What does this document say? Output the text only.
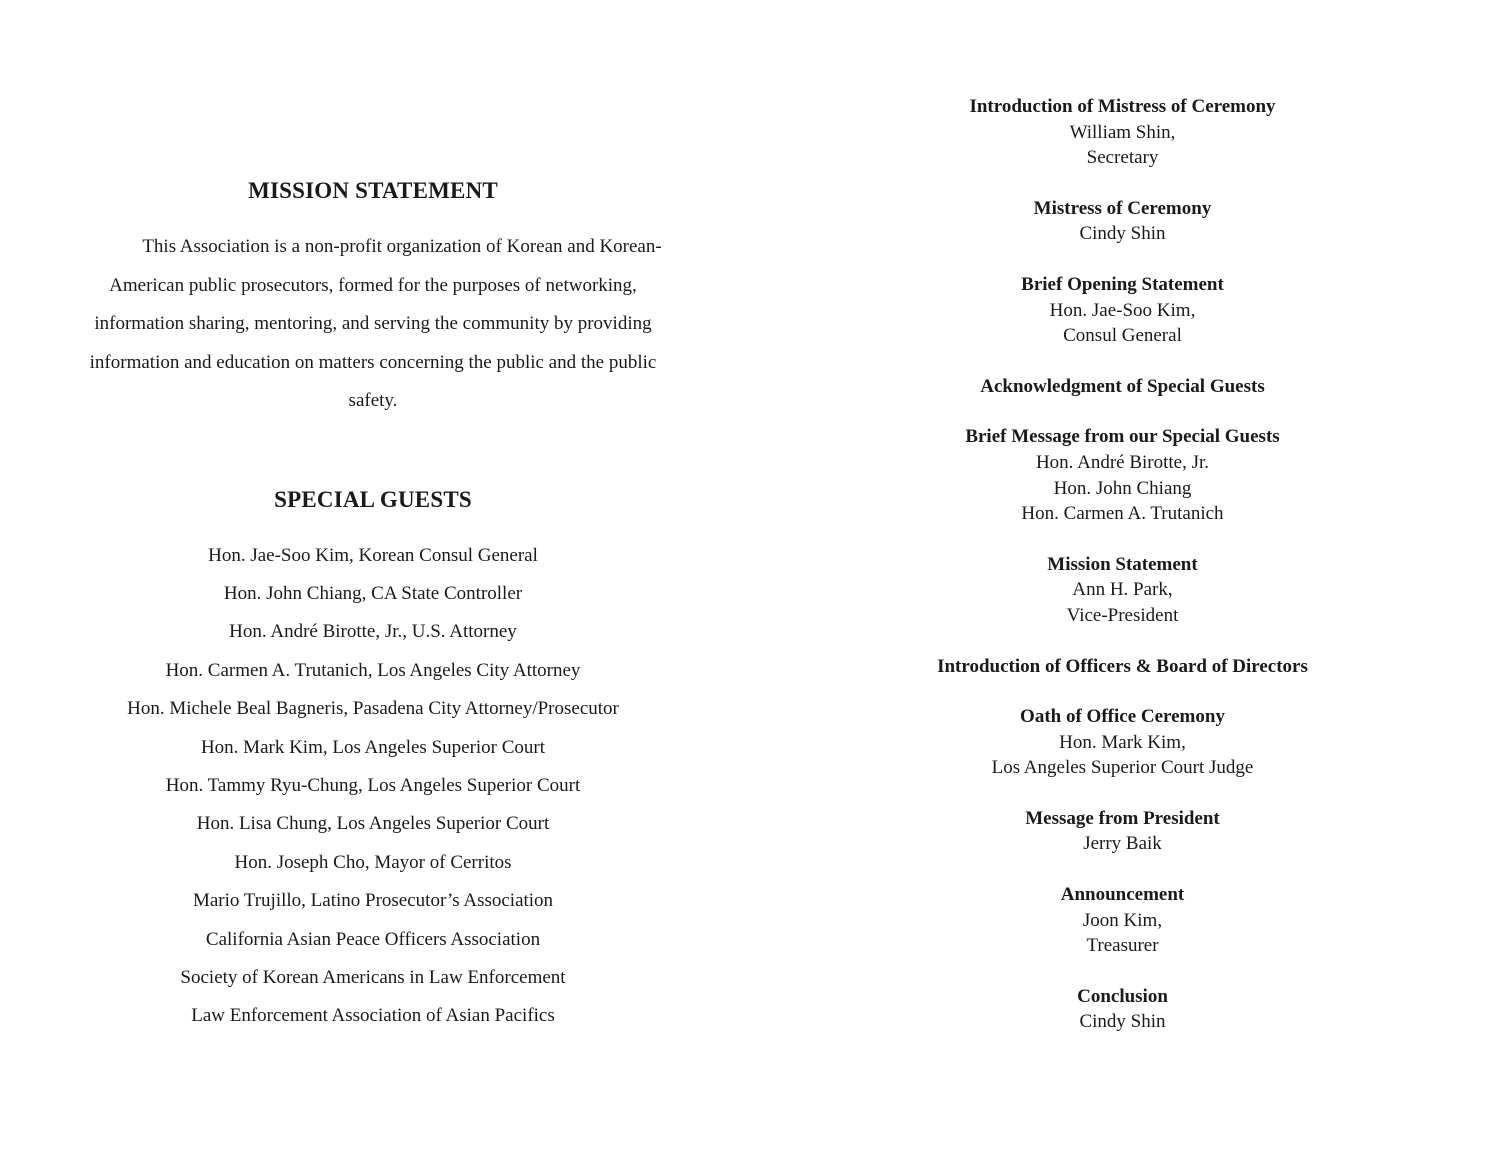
MISSION STATEMENT

This Association is a non-profit organization of Korean and Korean-American public prosecutors, formed for the purposes of networking, information sharing, mentoring, and serving the community by providing information and education on matters concerning the public and the public safety.

SPECIAL GUESTS
Hon. Jae-Soo Kim, Korean Consul General
Hon. John Chiang, CA State Controller
Hon. André Birotte, Jr., U.S. Attorney
Hon. Carmen A. Trutanich, Los Angeles City Attorney
Hon. Michele Beal Bagneris, Pasadena City Attorney/Prosecutor
Hon. Mark Kim, Los Angeles Superior Court
Hon. Tammy Ryu-Chung, Los Angeles Superior Court
Hon. Lisa Chung, Los Angeles Superior Court
Hon. Joseph Cho, Mayor of Cerritos
Mario Trujillo, Latino Prosecutor’s Association
California Asian Peace Officers Association
Society of Korean Americans in Law Enforcement
Law Enforcement Association of Asian Pacifics
Introduction of Mistress of Ceremony
William Shin,
Secretary
Mistress of Ceremony
Cindy Shin
Brief Opening Statement
Hon. Jae-Soo Kim,
Consul General
Acknowledgment of Special Guests
Brief Message from our Special Guests
Hon. André Birotte, Jr.
Hon. John Chiang
Hon. Carmen A. Trutanich
Mission Statement
Ann H. Park,
Vice-President
Introduction of Officers & Board of Directors
Oath of Office Ceremony
Hon. Mark Kim,
Los Angeles Superior Court Judge
Message from President
Jerry Baik
Announcement
Joon Kim,
Treasurer
Conclusion
Cindy Shin
